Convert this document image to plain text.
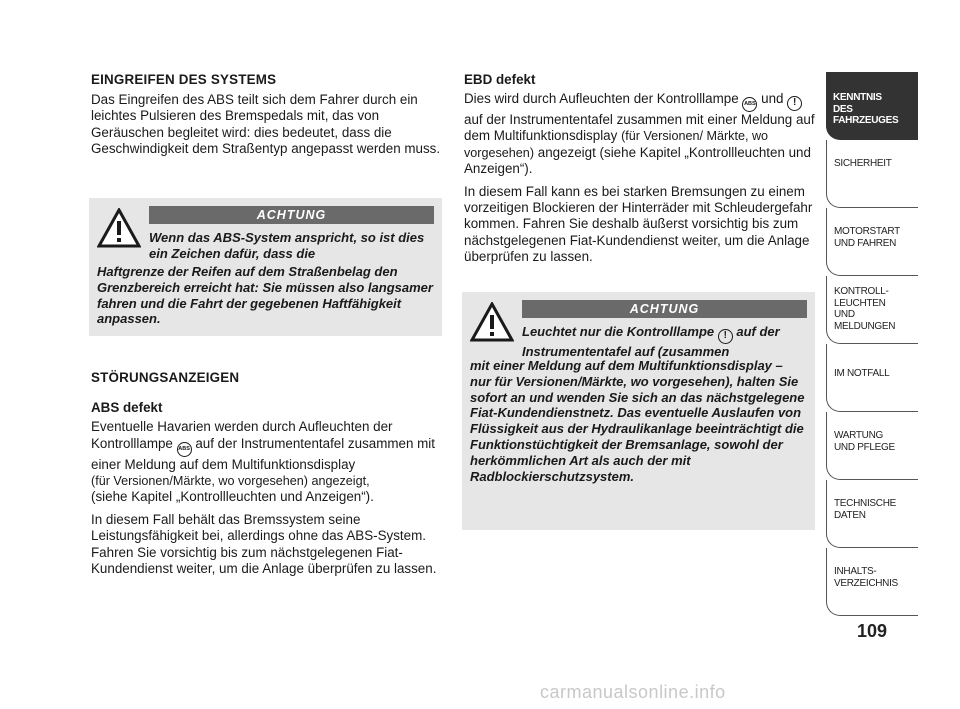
EINGREIFEN DES SYSTEMS

Das Eingreifen des ABS teilt sich dem Fahrer durch ein leichtes Pulsieren des Bremspedals mit, das von Geräuschen begleitet wird: dies bedeutet, dass die Geschwindigkeit dem Straßentyp angepasst werden muss.

ACHTUNG
Wenn das ABS-System anspricht, so ist dies ein Zeichen dafür, dass die
Haftgrenze der Reifen auf dem Straßenbelag den Grenzbereich erreicht hat: Sie müssen also langsamer fahren und die Fahrt der gegebenen Haftfähigkeit anpassen.
STÖRUNGSANZEIGEN
ABS defekt

Eventuelle Havarien werden durch Aufleuchten der Kontrolllampe ABS auf der Instrumententafel zusammen mit einer Meldung auf dem Multifunktionsdisplay
(für Versionen/Märkte, wo vorgesehen) angezeigt,
(siehe Kapitel „Kontrollleuchten und Anzeigen“).

In diesem Fall behält das Bremssystem seine Leistungsfähigkeit bei, allerdings ohne das ABS-System. Fahren Sie vorsichtig bis zum nächstgelegenen Fiat-Kundendienst weiter, um die Anlage überprüfen zu lassen.

EBD defekt

Dies wird durch Aufleuchten der Kontrolllampe ABS und ! auf der Instrumententafel zusammen mit einer Meldung auf dem Multifunktionsdisplay (für Versionen/ Märkte, wo vorgesehen) angezeigt (siehe Kapitel „Kontrollleuchten und Anzeigen“).

In diesem Fall kann es bei starken Bremsungen zu einem vorzeitigen Blockieren der Hinterräder mit Schleudergefahr kommen. Fahren Sie deshalb äußerst vorsichtig bis zum nächstgelegenen Fiat-Kundendienst weiter, um die Anlage überprüfen zu lassen.

ACHTUNG
Leuchtet nur die Kontrolllampe ! auf der Instrumententafel auf (zusammen
mit einer Meldung auf dem Multifunktionsdisplay – nur für Versionen/Märkte, wo vorgesehen), halten Sie sofort an und wenden Sie sich an das nächstgelegene Fiat-Kundendienstnetz. Das eventuelle Auslaufen von Flüssigkeit aus der Hydraulikanlage beeinträchtigt die Funktionstüchtigkeit der Bremsanlage, sowohl der herkömmlichen Art als auch der mit Radblockierschutzsystem.
KENNTNIS
DES FAHRZEUGES
SICHERHEIT
MOTORSTART
UND FAHREN
KONTROLL-
LEUCHTEN
UND MELDUNGEN
IM NOTFALL
WARTUNG
UND PFLEGE
TECHNISCHE
DATEN
INHALTS-
VERZEICHNIS
109
carmanualsonline.info
